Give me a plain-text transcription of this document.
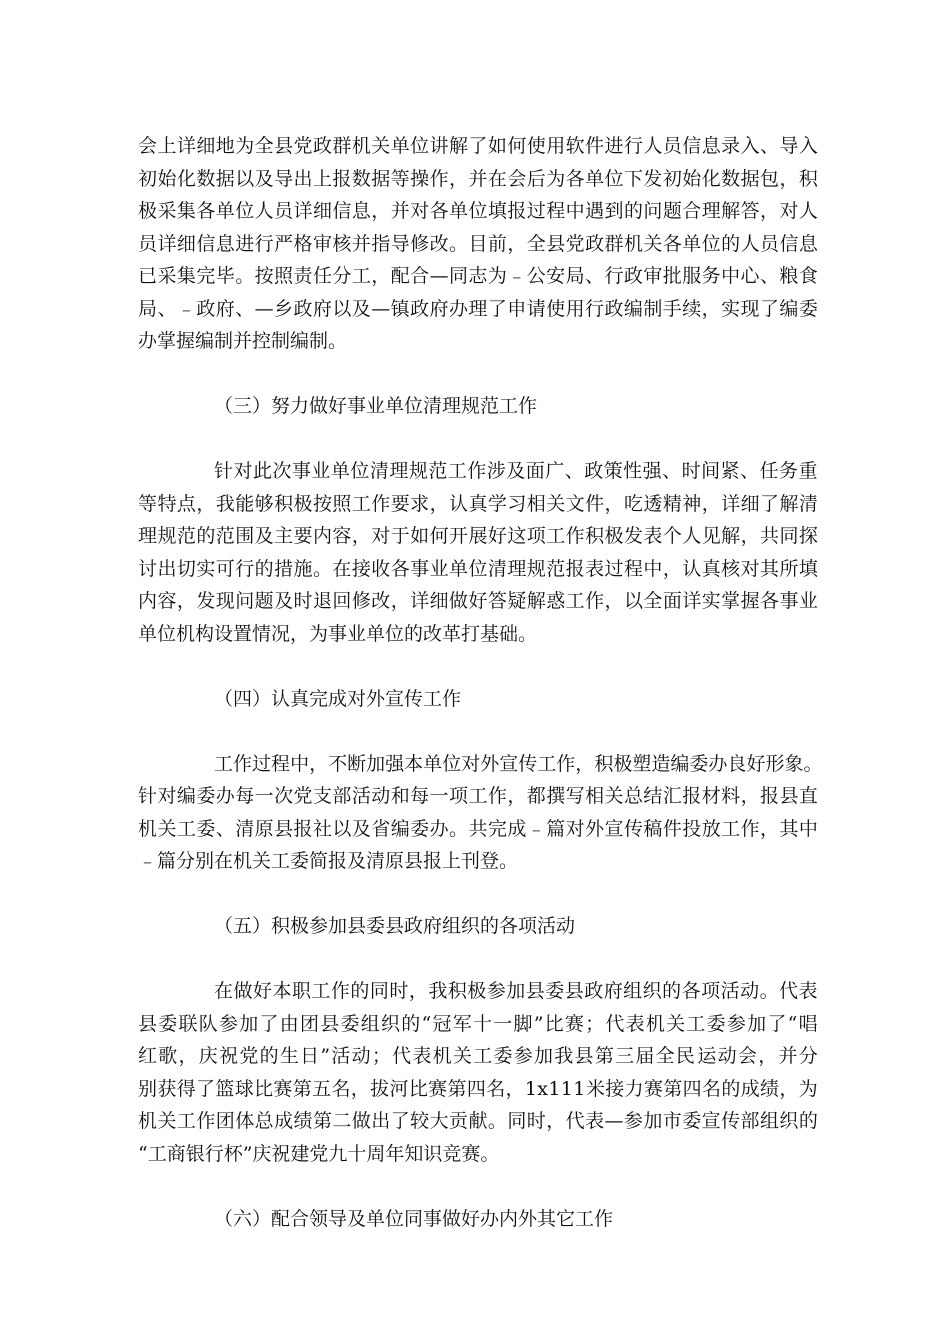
会 上 详 细 地 为 全 县 党 政 群 机 关 单 位 讲 解 了 如 何 使 用 软 件 进 行 人 员 信 息 录 入 、 导 入

初 始 化 数 据 以 及 导 出 上 报 数 据 等 操 作 ， 并 在 会 后 为 各 单 位 下 发 初 始 化 数 据 包 ， 积

极 采 集 各 单 位 人 员 详 细 信 息 ， 并 对 各 单 位 填 报 过 程 中 遇 到 的 问 题 合 理 解 答 ， 对 人

员 详 细 信 息 进 行 严 格 审 核 并 指 导 修 改 。 目 前 ， 全 县 党 政 群 机 关 各 单 位 的 人 员 信 息

已 采 集 完 毕 。 按 照 责 任 分 工 ， 配 合 — 同 志 为 ﹣ 公 安 局 、 行 政 审 批 服 务 中 心 、 粮 食

局 、 ﹣ 政 府 、 — 乡 政 府 以 及 — 镇 政 府 办 理 了 申 请 使 用 行 政 编 制 手 续 ， 实 现 了 编 委

办掌握编制并控制编制。

（三）努力做好事业单位清理规范工作

针 对 此 次 事 业 单 位 清 理 规 范 工 作 涉 及 面 广 、 政 策 性 强 、 时 间 紧 、 任 务 重

等 特 点 ， 我 能 够 积 极 按 照 工 作 要 求 ， 认 真 学 习 相 关 文 件 ， 吃 透 精 神 ， 详 细 了 解 清

理 规 范 的 范 围 及 主 要 内 容 ， 对 于 如 何 开 展 好 这 项 工 作 积 极 发 表 个 人 见 解 ， 共 同 探

讨 出 切 实 可 行 的 措 施 。 在 接 收 各 事 业 单 位 清 理 规 范 报 表 过 程 中 ， 认 真 核 对 其 所 填

内 容 ， 发 现 问 题 及 时 退 回 修 改 ， 详 细 做 好 答 疑 解 惑 工 作 ， 以 全 面 详 实 掌 握 各 事 业

单位机构设置情况，为事业单位的改革打基础。

（四）认真完成对外宣传工作

工 作 过 程 中 ， 不 断 加 强 本 单 位 对 外 宣 传 工 作 ， 积 极 塑 造 编 委 办 良 好 形 象 。

针 对 编 委 办 每 一 次 党 支 部 活 动 和 每 一 项 工 作 ， 都 撰 写 相 关 总 结 汇 报 材 料 ， 报 县 直

机 关 工 委 、 清 原 县 报 社 以 及 省 编 委 办 。 共 完 成 ﹣ 篇 对 外 宣 传 稿 件 投 放 工 作 ， 其 中

﹣篇分别在机关工委简报及清原县报上刊登。

（五）积极参加县委县政府组织的各项活动

在 做 好 本 职 工 作 的 同 时 ， 我 积 极 参 加 县 委 县 政 府 组 织 的 各 项 活 动 。 代 表

县 委 联 队 参 加 了 由 团 县 委 组 织 的 “ 冠 军 十 一 脚 ” 比 赛 ； 代 表 机 关 工 委 参 加 了 “ 唱

红 歌 ， 庆 祝 党 的 生 日 ” 活 动 ； 代 表 机 关 工 委 参 加 我 县 第 三 届 全 民 运 动 会 ， 并 分

别 获 得 了 篮 球 比 赛 第 五 名 ， 拔 河 比 赛 第 四 名 ， 1 x 1 1 1 米 接 力 赛 第 四 名 的 成 绩 ， 为

机 关 工 作 团 体 总 成 绩 第 二 做 出 了 较 大 贡 献 。 同 时 ， 代 表 — 参 加 市 委 宣 传 部 组 织 的

“工商银行杯”庆祝建党九十周年知识竞赛。

（六）配合领导及单位同事做好办内外其它工作
